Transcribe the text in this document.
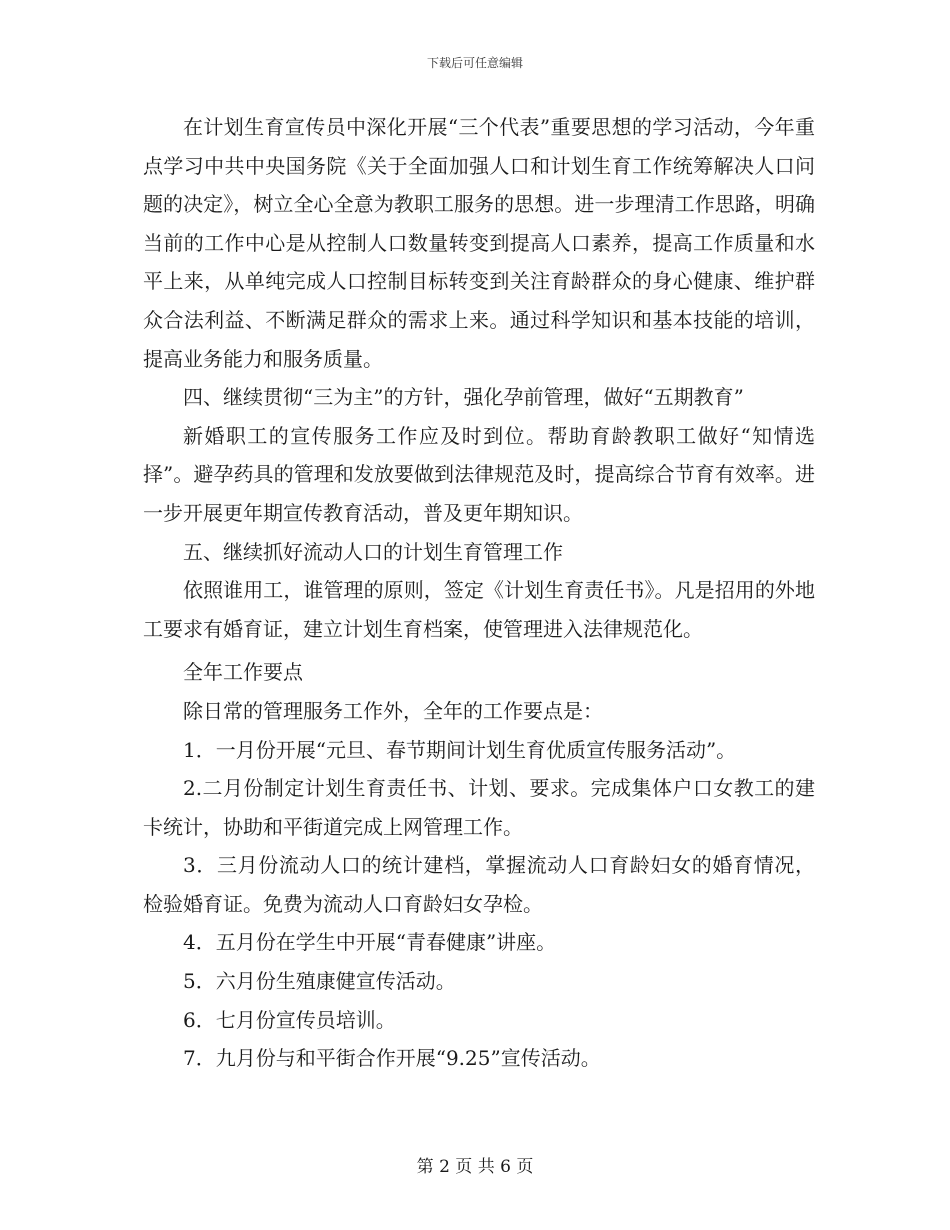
下载后可任意编辑

在计划生育宣传员中深化开展“三个代表”重要思想的学习活动，今年重点学习中共中央国务院《关于全面加强人口和计划生育工作统筹解决人口问题的决定》，树立全心全意为教职工服务的思想。进一步理清工作思路，明确当前的工作中心是从控制人口数量转变到提高人口素养，提高工作质量和水平上来，从单纯完成人口控制目标转变到关注育龄群众的身心健康、维护群众合法利益、不断满足群众的需求上来。通过科学知识和基本技能的培训，提高业务能力和服务质量。

四、继续贯彻“三为主”的方针，强化孕前管理，做好“五期教育”

新婚职工的宣传服务工作应及时到位。帮助育龄教职工做好“知情选择”。避孕药具的管理和发放要做到法律规范及时，提高综合节育有效率。进一步开展更年期宣传教育活动，普及更年期知识。

五、继续抓好流动人口的计划生育管理工作

依照谁用工，谁管理的原则，签定《计划生育责任书》。凡是招用的外地工要求有婚育证，建立计划生育档案，使管理进入法律规范化。

全年工作要点

除日常的管理服务工作外，全年的工作要点是：

1．一月份开展“元旦、春节期间计划生育优质宣传服务活动”。

2.二月份制定计划生育责任书、计划、要求。完成集体户口女教工的建卡统计，协助和平街道完成上网管理工作。

3．三月份流动人口的统计建档，掌握流动人口育龄妇女的婚育情况，检验婚育证。免费为流动人口育龄妇女孕检。

4．五月份在学生中开展“青春健康”讲座。

5．六月份生殖康健宣传活动。

6．七月份宣传员培训。

7．九月份与和平街合作开展“9.25”宣传活动。

第 2 页 共 6 页
